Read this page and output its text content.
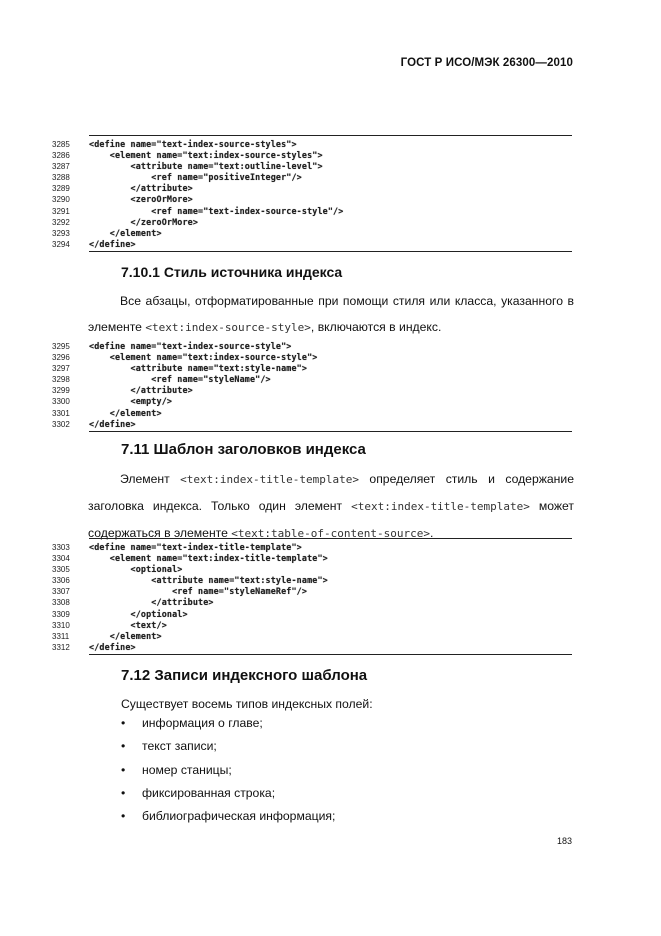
ГОСТ Р ИСО/МЭК 26300—2010
3285	<define name="text-index-source-styles">
3286	<element name="text:index-source-styles">
3287	<attribute name="text:outline-level">
3288	<ref name="positiveInteger"/>
3289	</attribute>
3290	<zeroOrMore>
3291	<ref name="text-index-source-style"/>
3292	</zeroOrMore>
3293	</element>
3294	</define>
7.10.1 Стиль источника индекса

Все абзацы, отформатированные при помощи стиля или класса, указанного в элементе <text:index-source-style>, включаются в индекс.

3295	<define name="text-index-source-style">
3296	<element name="text:index-source-style">
3297	<attribute name="text:style-name">
3298	<ref name="styleName"/>
3299	</attribute>
3300	<empty/>
3301	</element>
3302	</define>
7.11 Шаблон заголовков индекса

Элемент <text:index-title-template> определяет стиль и содержание заголовка индекса. Только один элемент <text:index-title-template> может содержаться в элементе <text:table-of-content-source>.

3303	<define name="text-index-title-template">
3304	<element name="text:index-title-template">
3305	<optional>
3306	<attribute name="text:style-name">
3307	<ref name="styleNameRef"/>
3308	</attribute>
3309	</optional>
3310	<text/>
3311	</element>
3312	</define>
7.12 Записи индексного шаблона
Существует восемь типов индексных полей:
•	информация о главе;
•	текст записи;
•	номер станицы;
•	фиксированная строка;
•	библиографическая информация;
183
